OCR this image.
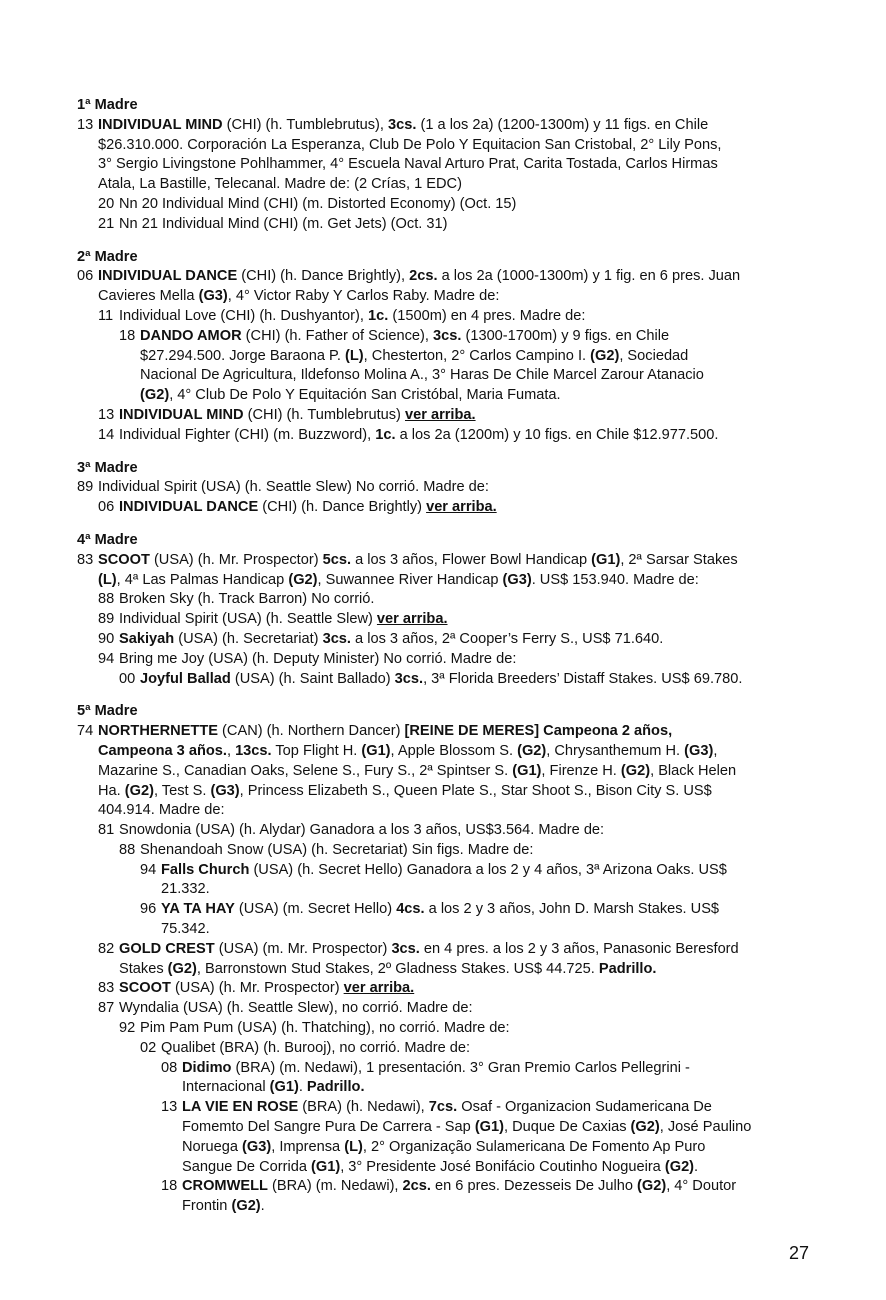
1ª Madre
13 INDIVIDUAL MIND (CHI) (h. Tumblebrutus), 3cs. (1 a los 2a) (1200-1300m) y 11 figs. en Chile
$26.310.000. Corporación La Esperanza, Club De Polo Y Equitacion San Cristobal, 2° Lily Pons,
3° Sergio Livingstone Pohlhammer, 4° Escuela Naval Arturo Prat, Carita Tostada, Carlos Hirmas
Atala, La Bastille, Telecanal. Madre de: (2 Crías, 1 EDC)
20 Nn 20 Individual Mind (CHI) (m. Distorted Economy) (Oct. 15)
21 Nn 21 Individual Mind (CHI) (m. Get Jets) (Oct. 31)
2ª Madre
06 INDIVIDUAL DANCE (CHI) (h. Dance Brightly), 2cs. a los 2a (1000-1300m) y 1 fig. en 6 pres. Juan
Cavieres Mella (G3), 4° Victor Raby Y Carlos Raby. Madre de:
11 Individual Love (CHI) (h. Dushyantor), 1c. (1500m) en 4 pres. Madre de:
18 DANDO AMOR (CHI) (h. Father of Science), 3cs. (1300-1700m) y 9 figs. en Chile
$27.294.500. Jorge Baraona P. (L), Chesterton, 2° Carlos Campino I. (G2), Sociedad
Nacional De Agricultura, Ildefonso Molina A., 3° Haras De Chile Marcel Zarour Atanacio
(G2), 4° Club De Polo Y Equitación San Cristóbal, Maria Fumata.
13 INDIVIDUAL MIND (CHI) (h. Tumblebrutus) ver arriba.
14 Individual Fighter (CHI) (m. Buzzword), 1c. a los 2a (1200m) y 10 figs. en Chile $12.977.500.
3ª Madre
89 Individual Spirit (USA) (h. Seattle Slew) No corrió. Madre de:
06 INDIVIDUAL DANCE (CHI) (h. Dance Brightly) ver arriba.
4ª Madre
83 SCOOT (USA) (h. Mr. Prospector) 5cs. a los 3 años, Flower Bowl Handicap (G1), 2ª Sarsar Stakes
(L), 4ª Las Palmas Handicap (G2), Suwannee River Handicap (G3). US$ 153.940. Madre de:
88 Broken Sky (h. Track Barron) No corrió.
89 Individual Spirit (USA) (h. Seattle Slew) ver arriba.
90 Sakiyah (USA) (h. Secretariat) 3cs. a los 3 años, 2ª Cooper’s Ferry S., US$ 71.640.
94 Bring me Joy (USA) (h. Deputy Minister) No corrió. Madre de:
00 Joyful Ballad (USA) (h. Saint Ballado) 3cs., 3ª Florida Breeders’ Distaff Stakes. US$ 69.780.
5ª Madre
74 NORTHERNETTE (CAN) (h. Northern Dancer) [REINE DE MERES] Campeona 2 años,
Campeona 3 años., 13cs. Top Flight H. (G1), Apple Blossom S. (G2), Chrysanthemum H. (G3),
Mazarine S., Canadian Oaks, Selene S., Fury S., 2ª Spintser S. (G1), Firenze H. (G2), Black Helen
Ha. (G2), Test S. (G3), Princess Elizabeth S., Queen Plate S., Star Shoot S., Bison City S. US$
404.914. Madre de:
81 Snowdonia (USA) (h. Alydar) Ganadora a los 3 años, US$3.564. Madre de:
88 Shenandoah Snow (USA) (h. Secretariat) Sin figs. Madre de:
94 Falls Church (USA) (h. Secret Hello) Ganadora a los 2 y 4 años, 3ª Arizona Oaks. US$
21.332.
96 YA TA HAY (USA) (m. Secret Hello) 4cs. a los 2 y 3 años, John D. Marsh Stakes. US$
75.342.
82 GOLD CREST (USA) (m. Mr. Prospector) 3cs. en 4 pres. a los 2 y 3 años, Panasonic Beresford
Stakes (G2), Barronstown Stud Stakes, 2º Gladness Stakes. US$ 44.725. Padrillo.
83 SCOOT (USA) (h. Mr. Prospector) ver arriba.
87 Wyndalia (USA) (h. Seattle Slew), no corrió. Madre de:
92 Pim Pam Pum (USA) (h. Thatching), no corrió. Madre de:
02 Qualibet (BRA) (h. Burooj), no corrió. Madre de:
08 Didimo (BRA) (m. Nedawi), 1 presentación. 3° Gran Premio Carlos Pellegrini -
Internacional (G1). Padrillo.
13 LA VIE EN ROSE (BRA) (h. Nedawi), 7cs. Osaf - Organizacion Sudamericana De
Fomemto Del Sangre Pura De Carrera - Sap (G1), Duque De Caxias (G2), José Paulino
Noruega (G3), Imprensa (L), 2° Organização Sulamericana De Fomento Ap Puro
Sangue De Corrida (G1), 3° Presidente José Bonifácio Coutinho Nogueira (G2).
18 CROMWELL (BRA) (m. Nedawi), 2cs. en 6 pres. Dezesseis De Julho (G2), 4° Doutor
Frontin (G2).
27
